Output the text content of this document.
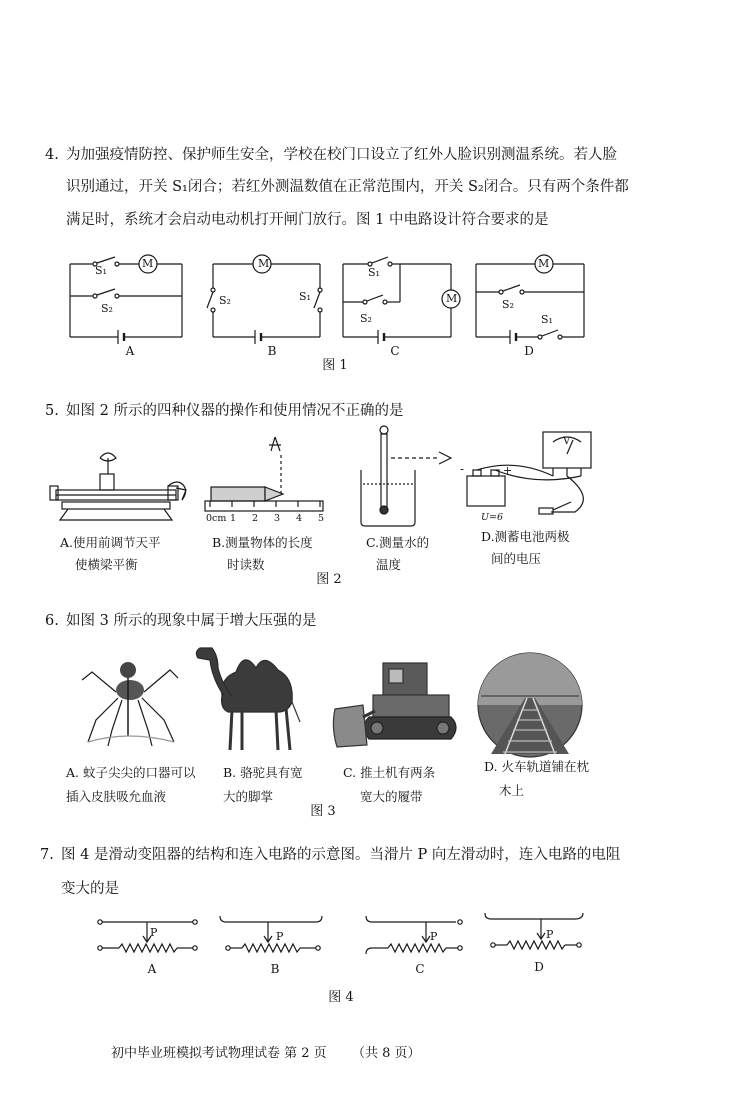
4. 为加强疫情防控、保护师生安全，学校在校门口设立了红外人脸识别测温系统。若人脸
识别通过，开关 S₁闭合；若红外测温数值在正常范围内，开关 S₂闭合。只有两个条件都
满足时，系统才会启动电动机打开闸门放行。图 1 中电路设计符合要求的是
S₁
M
S₂
A
M
S₂	S₁
B
S₁
M
S₂
C
M
S₂
S₁
D
图 1
5. 如图 2 所示的四种仪器的操作和使用情况不正确的是
A.使用前调节天平
使横梁平衡
0cm 1 2 3 4 5
B.测量物体的长度
时读数
C.测量水的
温度
V
-	+
U=6
D.测蓄电池两极
间的电压
图 2
6. 如图 3 所示的现象中属于增大压强的是
A. 蚊子尖尖的口器可以
插入皮肤吸允血液
B. 骆驼具有宽
大的脚掌
C. 推土机有两条
宽大的履带
D. 火车轨道铺在枕
木上
图 3
7. 图 4 是滑动变阻器的结构和连入电路的示意图。当滑片 P 向左滑动时，连入电路的电阻
变大的是
P
A
P
B
P
C
P
D
图 4
初中毕业班模拟考试物理试卷 第 2 页 （共 8 页）
